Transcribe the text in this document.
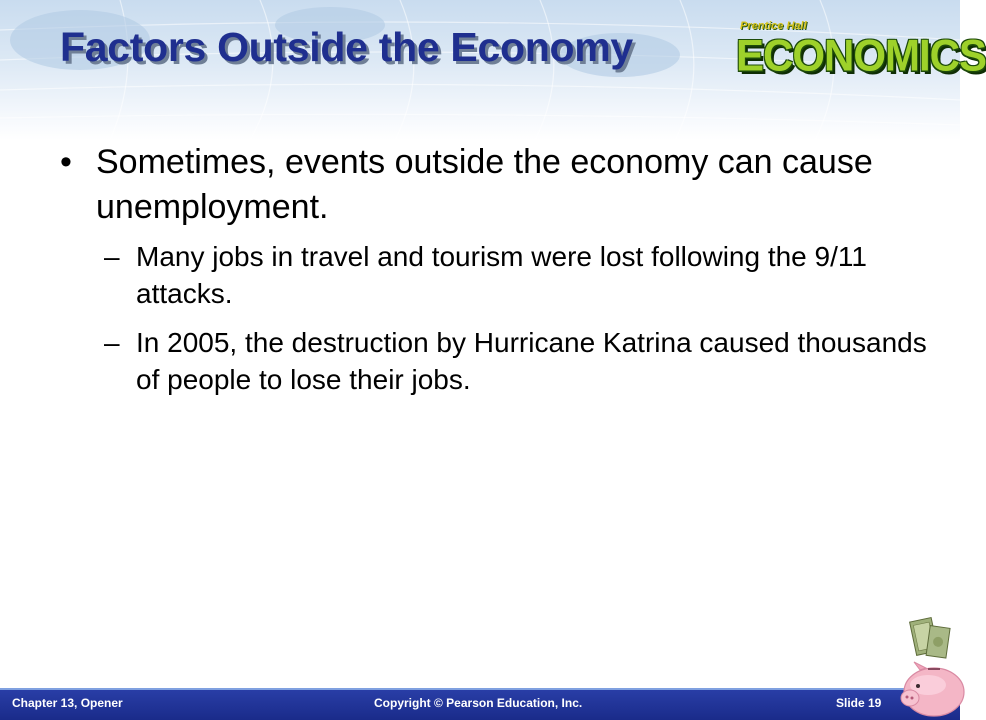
Factors Outside the Economy	Prentice Hall
ECONOMICS

• Sometimes, events outside the economy can cause unemployment.

– Many jobs in travel and tourism were lost following the 9/11 attacks.

– In 2005, the destruction by Hurricane Katrina caused thousands of people to lose their jobs.

Chapter 13, Opener	Copyright © Pearson Education, Inc.	Slide 19
